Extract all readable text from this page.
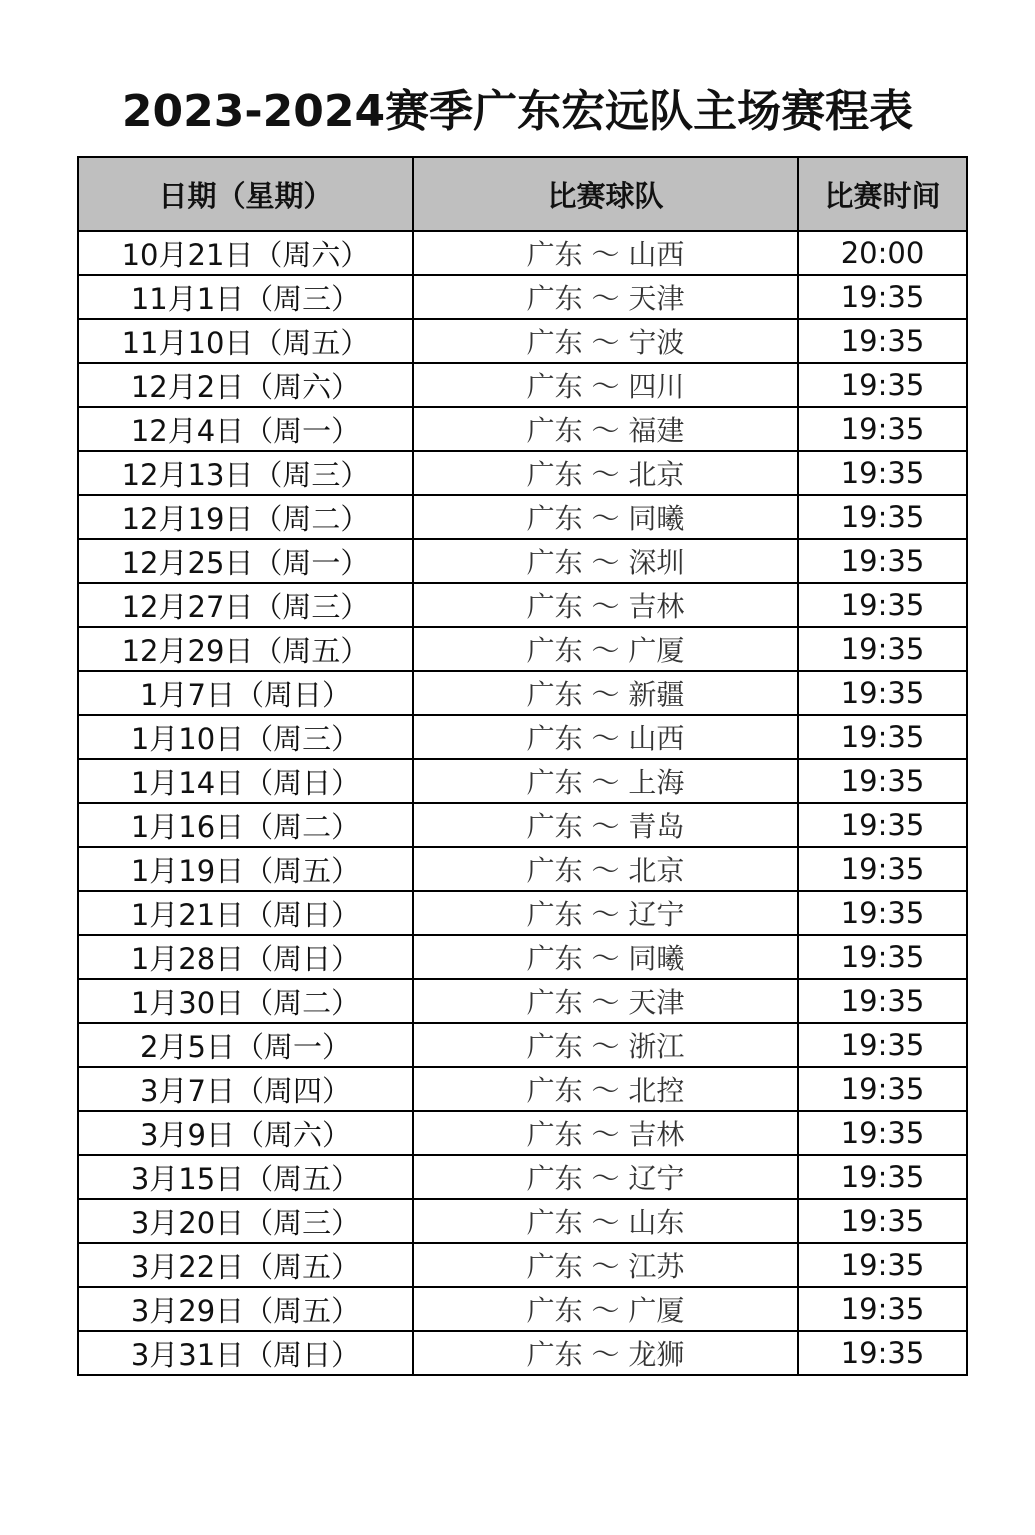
2023-2024赛季广东宏远队主场赛程表
日期（星期）	比赛球队	比赛时间
10月21日（周六）	广东 ～ 山西	20:00
11月1日（周三）	广东 ～ 天津	19:35
11月10日（周五）	广东 ～ 宁波	19:35
12月2日（周六）	广东 ～ 四川	19:35
12月4日（周一）	广东 ～ 福建	19:35
12月13日（周三）	广东 ～ 北京	19:35
12月19日（周二）	广东 ～ 同曦	19:35
12月25日（周一）	广东 ～ 深圳	19:35
12月27日（周三）	广东 ～ 吉林	19:35
12月29日（周五）	广东 ～ 广厦	19:35
1月7日（周日）	广东 ～ 新疆	19:35
1月10日（周三）	广东 ～ 山西	19:35
1月14日（周日）	广东 ～ 上海	19:35
1月16日（周二）	广东 ～ 青岛	19:35
1月19日（周五）	广东 ～ 北京	19:35
1月21日（周日）	广东 ～ 辽宁	19:35
1月28日（周日）	广东 ～ 同曦	19:35
1月30日（周二）	广东 ～ 天津	19:35
2月5日（周一）	广东 ～ 浙江	19:35
3月7日（周四）	广东 ～ 北控	19:35
3月9日（周六）	广东 ～ 吉林	19:35
3月15日（周五）	广东 ～ 辽宁	19:35
3月20日（周三）	广东 ～ 山东	19:35
3月22日（周五）	广东 ～ 江苏	19:35
3月29日（周五）	广东 ～ 广厦	19:35
3月31日（周日）	广东 ～ 龙狮	19:35
